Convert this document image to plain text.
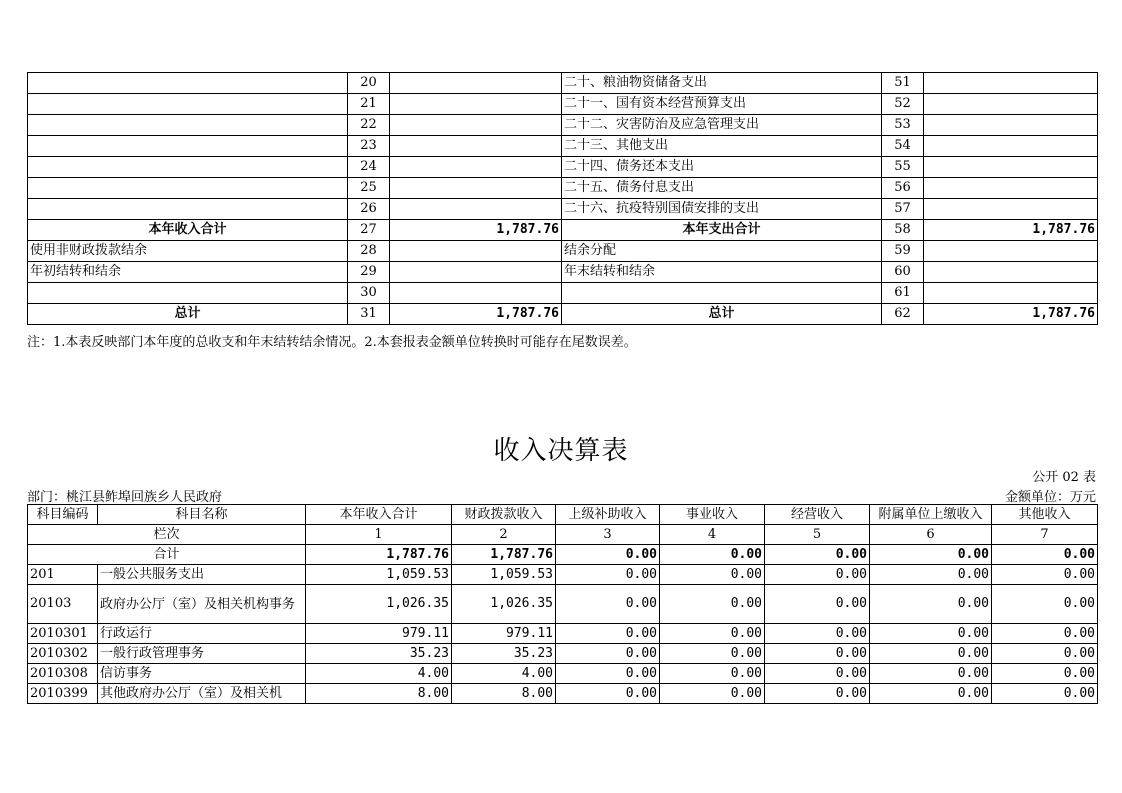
	20		二十、粮油物资储备支出	51	
	21		二十一、国有资本经营预算支出	52	
	22		二十二、灾害防治及应急管理支出	53	
	23		二十三、其他支出	54	
	24		二十四、债务还本支出	55	
	25		二十五、债务付息支出	56	
	26		二十六、抗疫特别国债安排的支出	57	
本年收入合计	27	1,787.76	本年支出合计	58	1,787.76
使用非财政拨款结余	28		结余分配	59	
年初结转和结余	29		年末结转和结余	60	
	30			61	
总计	31	1,787.76	总计	62	1,787.76
注：1.本表反映部门本年度的总收支和年末结转结余情况。2.本套报表金额单位转换时可能存在尾数误差。
收入决算表
公开 02 表
部门：桃江县鲊埠回族乡人民政府	金额单位：万元
科目编码	科目名称	本年收入合计	财政拨款收入	上级补助收入	事业收入	经营收入	附属单位上缴收入	其他收入
栏次		1	2	3	4	5	6	7
合计		1,787.76	1,787.76	0.00	0.00	0.00	0.00	0.00
201	一般公共服务支出	1,059.53	1,059.53	0.00	0.00	0.00	0.00	0.00
20103	政府办公厅（室）及相关机构事务	1,026.35	1,026.35	0.00	0.00	0.00	0.00	0.00
2010301	行政运行	979.11	979.11	0.00	0.00	0.00	0.00	0.00
2010302	一般行政管理事务	35.23	35.23	0.00	0.00	0.00	0.00	0.00
2010308	信访事务	4.00	4.00	0.00	0.00	0.00	0.00	0.00
2010399	其他政府办公厅（室）及相关机	8.00	8.00	0.00	0.00	0.00	0.00	0.00
